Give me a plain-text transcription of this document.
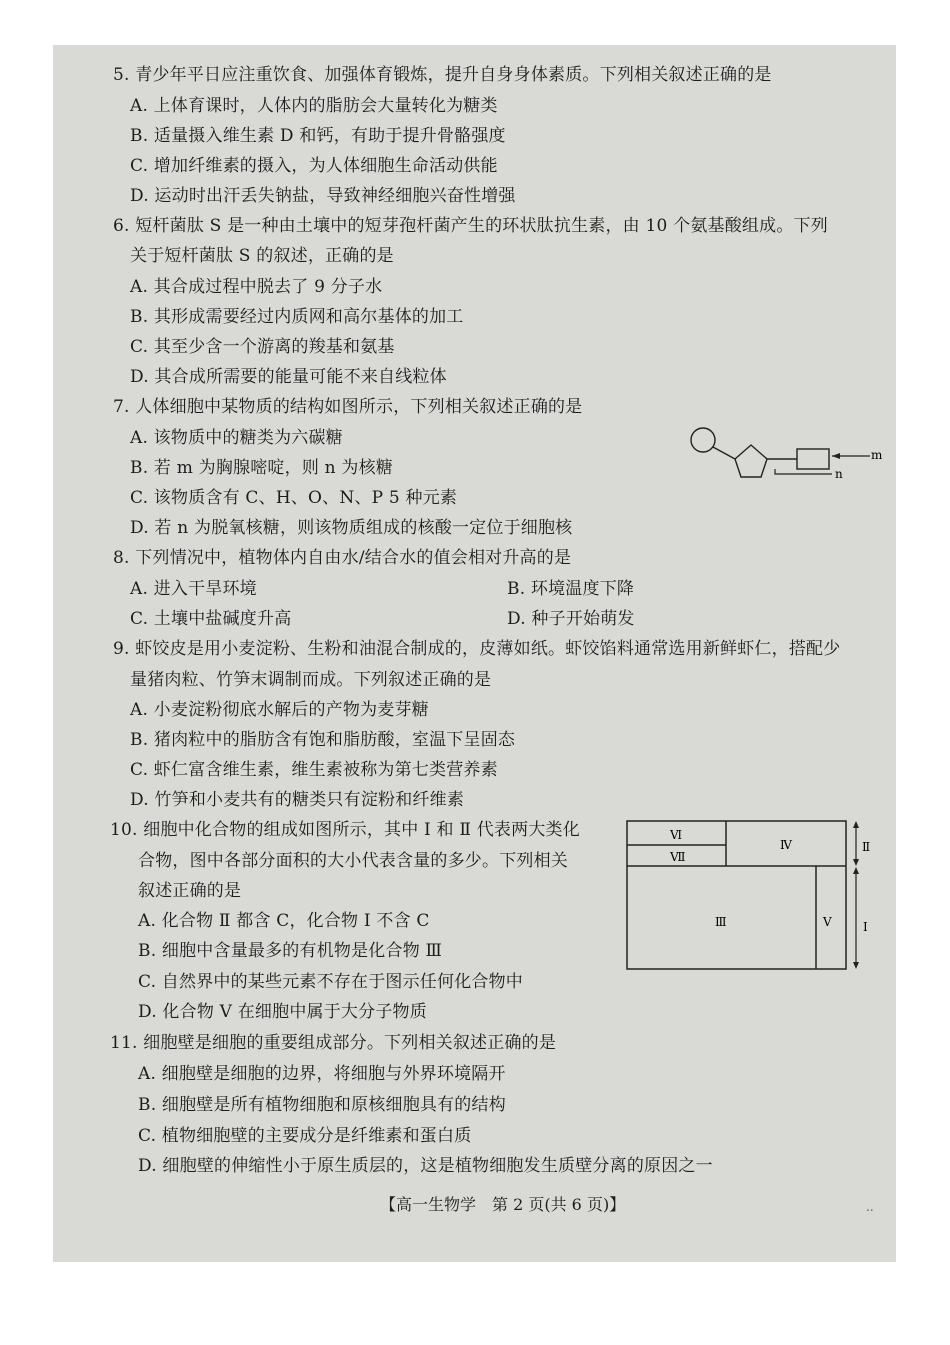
5. 青少年平日应注重饮食、加强体育锻炼，提升自身身体素质。下列相关叙述正确的是
A. 上体育课时，人体内的脂肪会大量转化为糖类
B. 适量摄入维生素 D 和钙，有助于提升骨骼强度
C. 增加纤维素的摄入，为人体细胞生命活动供能
D. 运动时出汗丢失钠盐，导致神经细胞兴奋性增强
6. 短杆菌肽 S 是一种由土壤中的短芽孢杆菌产生的环状肽抗生素，由 10 个氨基酸组成。下列
关于短杆菌肽 S 的叙述，正确的是
A. 其合成过程中脱去了 9 分子水
B. 其形成需要经过内质网和高尔基体的加工
C. 其至少含一个游离的羧基和氨基
D. 其合成所需要的能量可能不来自线粒体
7. 人体细胞中某物质的结构如图所示，下列相关叙述正确的是
A. 该物质中的糖类为六碳糖
B. 若 m 为胸腺嘧啶，则 n 为核糖
C. 该物质含有 C、H、O、N、P 5 种元素
D. 若 n 为脱氧核糖，则该物质组成的核酸一定位于细胞核
m
n
8. 下列情况中，植物体内自由水/结合水的值会相对升高的是
A. 进入干旱环境	B. 环境温度下降
C. 土壤中盐碱度升高	D. 种子开始萌发
9. 虾饺皮是用小麦淀粉、生粉和油混合制成的，皮薄如纸。虾饺馅料通常选用新鲜虾仁，搭配少
量猪肉粒、竹笋末调制而成。下列叙述正确的是
A. 小麦淀粉彻底水解后的产物为麦芽糖
B. 猪肉粒中的脂肪含有饱和脂肪酸，室温下呈固态
C. 虾仁富含维生素，维生素被称为第七类营养素
D. 竹笋和小麦共有的糖类只有淀粉和纤维素
10. 细胞中化合物的组成如图所示，其中 Ⅰ 和 Ⅱ 代表两大类化
合物，图中各部分面积的大小代表含量的多少。下列相关
叙述正确的是
A. 化合物 Ⅱ 都含 C，化合物 Ⅰ 不含 C
B. 细胞中含量最多的有机物是化合物 Ⅲ
C. 自然界中的某些元素不存在于图示任何化合物中
D. 化合物 Ⅴ 在细胞中属于大分子物质
Ⅵ
Ⅶ
Ⅳ
Ⅲ	Ⅴ
Ⅱ
Ⅰ
11. 细胞壁是细胞的重要组成部分。下列相关叙述正确的是
A. 细胞壁是细胞的边界，将细胞与外界环境隔开
B. 细胞壁是所有植物细胞和原核细胞具有的结构
C. 植物细胞壁的主要成分是纤维素和蛋白质
D. 细胞壁的伸缩性小于原生质层的，这是植物细胞发生质壁分离的原因之一
【高一生物学　第 2 页(共 6 页)】	..
